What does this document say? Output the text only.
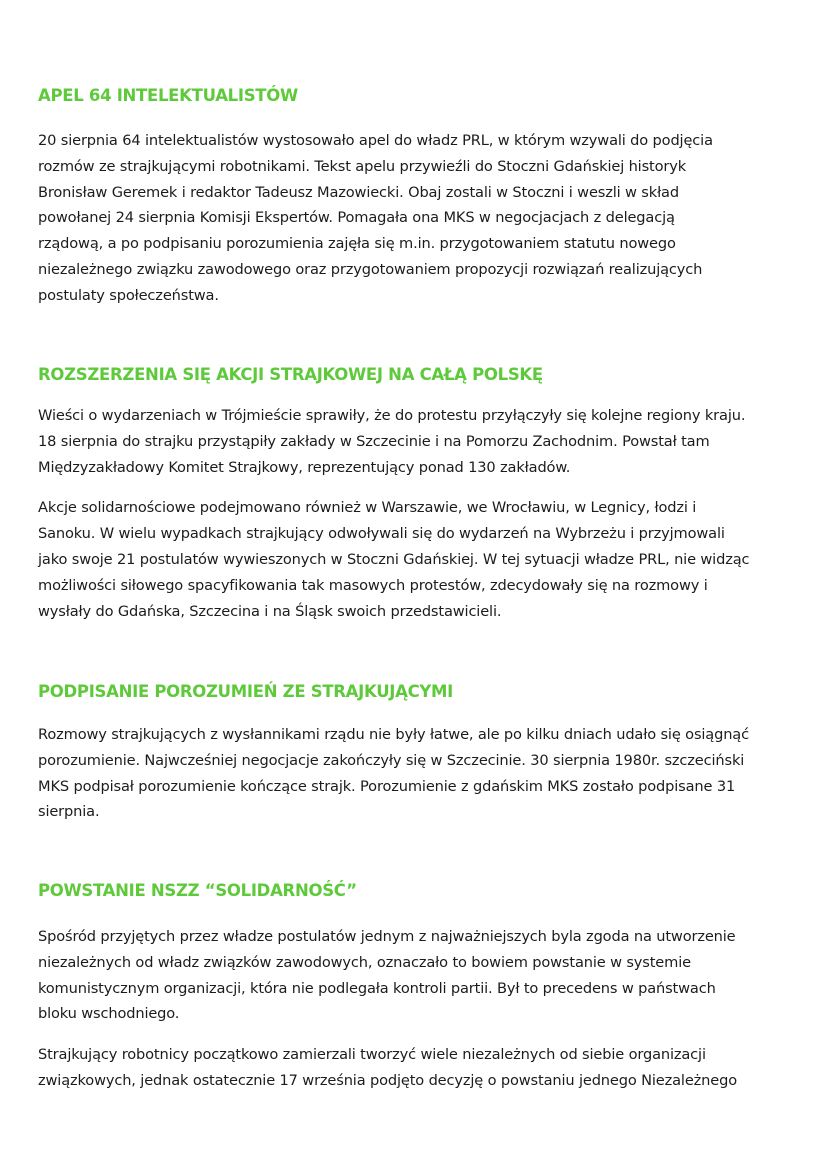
APEL 64 INTELEKTUALISTÓW

20 sierpnia 64 intelektualistów wystosowało apel do władz PRL, w którym wzywali do podjęcia
rozmów ze strajkującymi robotnikami. Tekst apelu przywieźli do Stoczni Gdańskiej historyk
Bronisław Geremek i redaktor Tadeusz Mazowiecki. Obaj zostali w Stoczni i weszli w skład
powołanej 24 sierpnia Komisji Ekspertów. Pomagała ona MKS w negocjacjach z delegacją
rządową, a po podpisaniu porozumienia zajęła się m.in. przygotowaniem statutu nowego
niezależnego związku zawodowego oraz przygotowaniem propozycji rozwiązań realizujących
postulaty społeczeństwa.

ROZSZERZENIA SIĘ AKCJI STRAJKOWEJ NA CAŁĄ POLSKĘ

Wieści o wydarzeniach w Trójmieście sprawiły, że do protestu przyłączyły się kolejne regiony kraju.
18 sierpnia do strajku przystąpiły zakłady w Szczecinie i na Pomorzu Zachodnim. Powstał tam
Międzyzakładowy Komitet Strajkowy, reprezentujący ponad 130 zakładów.

Akcje solidarnościowe podejmowano również w Warszawie, we Wrocławiu, w Legnicy, łodzi i
Sanoku. W wielu wypadkach strajkujący odwoływali się do wydarzeń na Wybrzeżu i przyjmowali
jako swoje 21 postulatów wywieszonych w Stoczni Gdańskiej. W tej sytuacji władze PRL, nie widząc
możliwości siłowego spacyfikowania tak masowych protestów, zdecydowały się na rozmowy i
wysłały do Gdańska, Szczecina i na Śląsk swoich przedstawicieli.

PODPISANIE POROZUMIEŃ ZE STRAJKUJĄCYMI

Rozmowy strajkujących z wysłannikami rządu nie były łatwe, ale po kilku dniach udało się osiągnąć
porozumienie. Najwcześniej negocjacje zakończyły się w Szczecinie. 30 sierpnia 1980r. szczeciński
MKS podpisał porozumienie kończące strajk. Porozumienie z gdańskim MKS zostało podpisane 31
sierpnia.

POWSTANIE NSZZ “SOLIDARNOŚĆ”

Spośród przyjętych przez władze postulatów jednym z najważniejszych byla zgoda na utworzenie
niezależnych od władz związków zawodowych, oznaczało to bowiem powstanie w systemie
komunistycznym organizacji, która nie podlegała kontroli partii. Był to precedens w państwach
bloku wschodniego.

Strajkujący robotnicy początkowo zamierzali tworzyć wiele niezależnych od siebie organizacji
związkowych, jednak ostatecznie 17 września podjęto decyzję o powstaniu jednego Niezależnego
